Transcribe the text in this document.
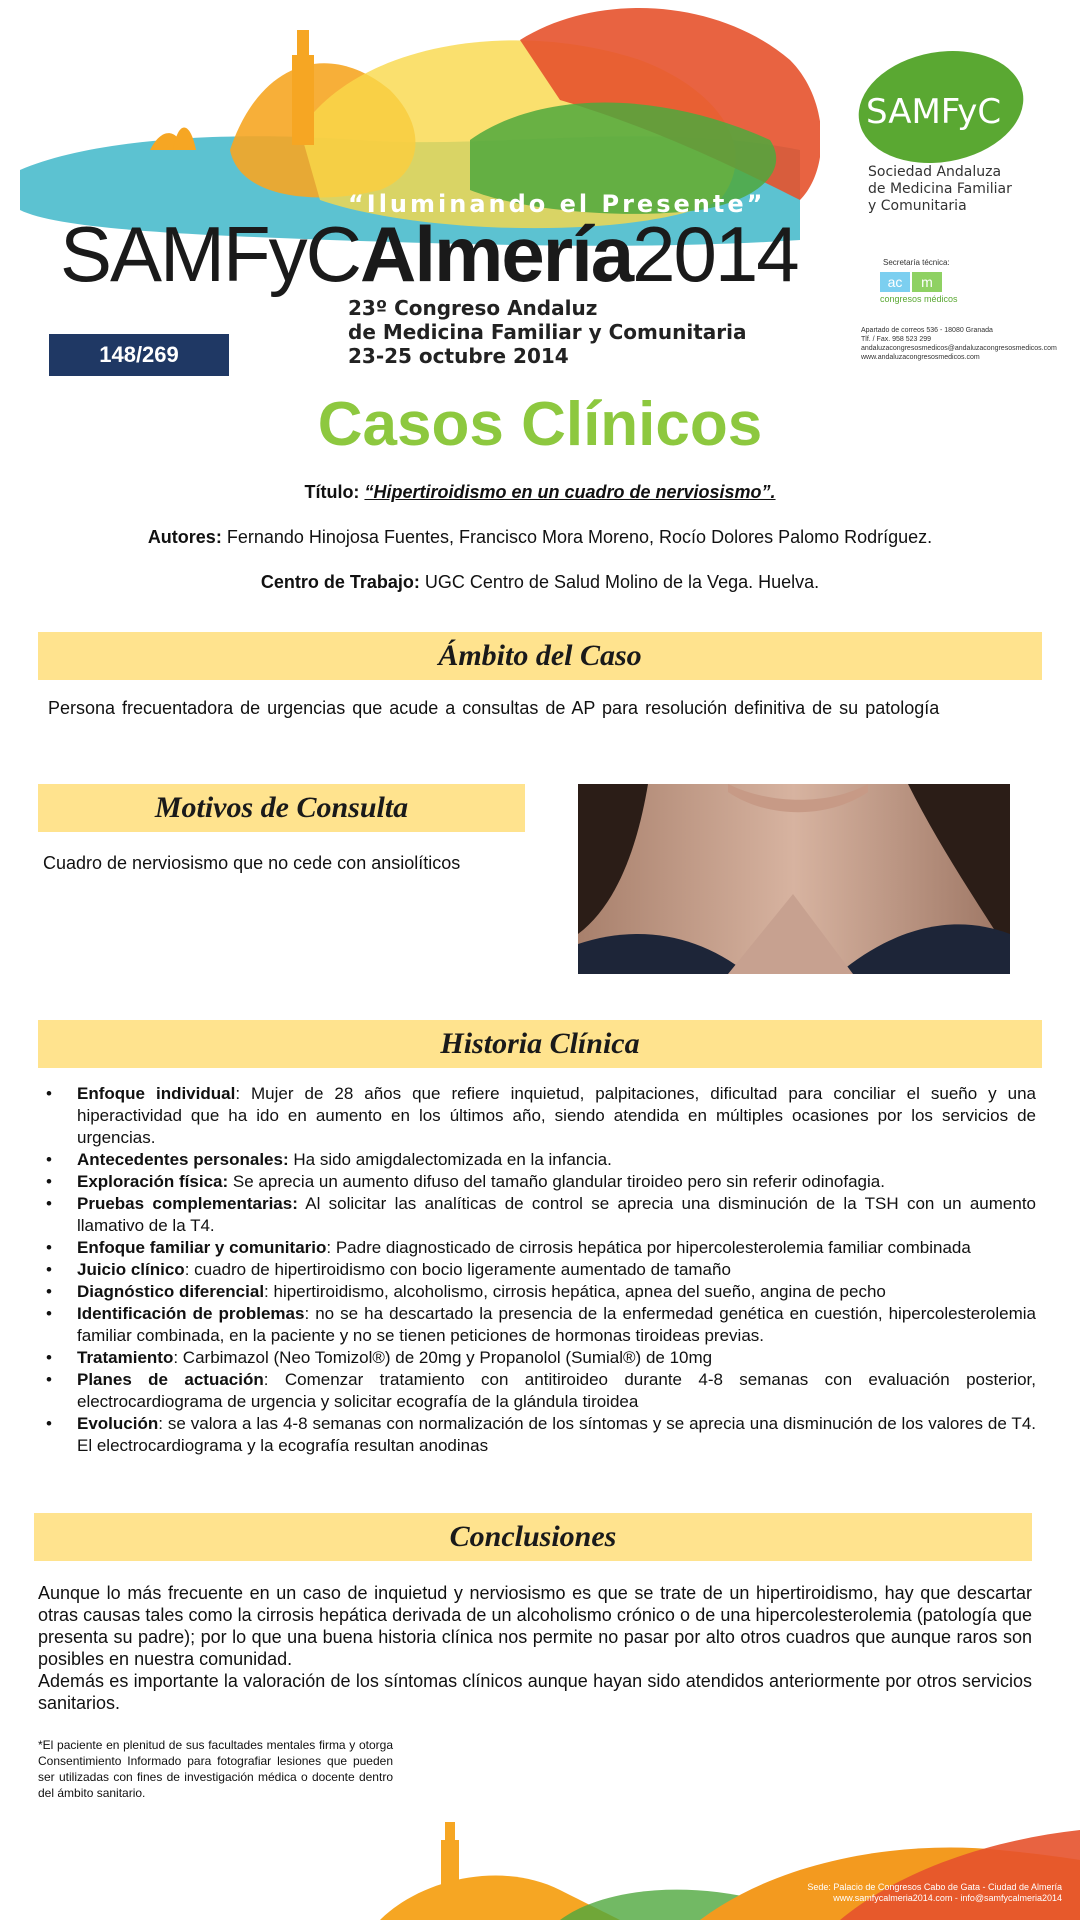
“Iluminando el Presente”
SAMFyCAlmería2014
23º Congreso Andaluz
de Medicina Familiar y Comunitaria
23-25 octubre 2014
148/269
SAMFyC
Sociedad Andaluza
de Medicina Familiar
y Comunitaria
Secretaría técnica:
ac	m
congresos médicos
Apartado de correos 536 - 18080 Granada
Tlf. / Fax. 958 523 299
andaluzacongresosmedicos@andaluzacongresosmedicos.com
www.andaluzacongresosmedicos.com
Casos Clínicos
Título: “Hipertiroidismo en un cuadro de nerviosismo”.
Autores: Fernando Hinojosa Fuentes, Francisco Mora Moreno, Rocío Dolores Palomo Rodríguez.
Centro de Trabajo: UGC Centro de Salud Molino de la Vega. Huelva.
Ámbito del Caso
Persona frecuentadora de urgencias que acude a consultas de AP para resolución definitiva de su patología
Motivos de Consulta
Cuadro de nerviosismo que no cede con ansiolíticos
Historia Clínica
• Enfoque individual: Mujer de 28 años que refiere inquietud, palpitaciones, dificultad para conciliar el sueño y una hiperactividad que ha ido en aumento en los últimos año, siendo atendida en múltiples ocasiones por los servicios de urgencias.
• Antecedentes personales: Ha sido amigdalectomizada en la infancia.
• Exploración física: Se aprecia un aumento difuso del tamaño glandular tiroideo pero sin referir odinofagia.
• Pruebas complementarias: Al solicitar las analíticas de control se aprecia una disminución de la TSH con un aumento llamativo de la T4.
• Enfoque familiar y comunitario: Padre diagnosticado de cirrosis hepática por hipercolesterolemia familiar combinada
• Juicio clínico: cuadro de hipertiroidismo con bocio ligeramente aumentado de tamaño
• Diagnóstico diferencial: hipertiroidismo, alcoholismo, cirrosis hepática, apnea del sueño, angina de pecho
• Identificación de problemas: no se ha descartado la presencia de la enfermedad genética en cuestión, hipercolesterolemia familiar combinada, en la paciente y no se tienen peticiones de hormonas tiroideas previas.
• Tratamiento: Carbimazol (Neo Tomizol®) de 20mg y Propanolol (Sumial®) de 10mg
• Planes de actuación: Comenzar tratamiento con antitiroideo durante 4-8 semanas con evaluación posterior, electrocardiograma de urgencia y solicitar ecografía de la glándula tiroidea
• Evolución: se valora a las 4-8 semanas con normalización de los síntomas y se aprecia una disminución de los valores de T4. El electrocardiograma y la ecografía resultan anodinas
Conclusiones
Aunque lo más frecuente en un caso de inquietud y nerviosismo es que se trate de un hipertiroidismo, hay que descartar otras causas tales como la cirrosis hepática derivada de un alcoholismo crónico o de una hipercolesterolemia (patología que presenta su padre); por lo que una buena historia clínica nos permite no pasar por alto otros cuadros que aunque raros son posibles en nuestra comunidad.
Además es importante la valoración de los síntomas clínicos aunque hayan sido atendidos anteriormente por otros servicios sanitarios.
*El paciente en plenitud de sus facultades mentales firma y otorga Consentimiento Informado para fotografiar lesiones que pueden ser utilizadas con fines de investigación médica o docente dentro del ámbito sanitario.
Sede: Palacio de Congresos Cabo de Gata - Ciudad de Almería
www.samfycalmeria2014.com - info@samfycalmeria2014
